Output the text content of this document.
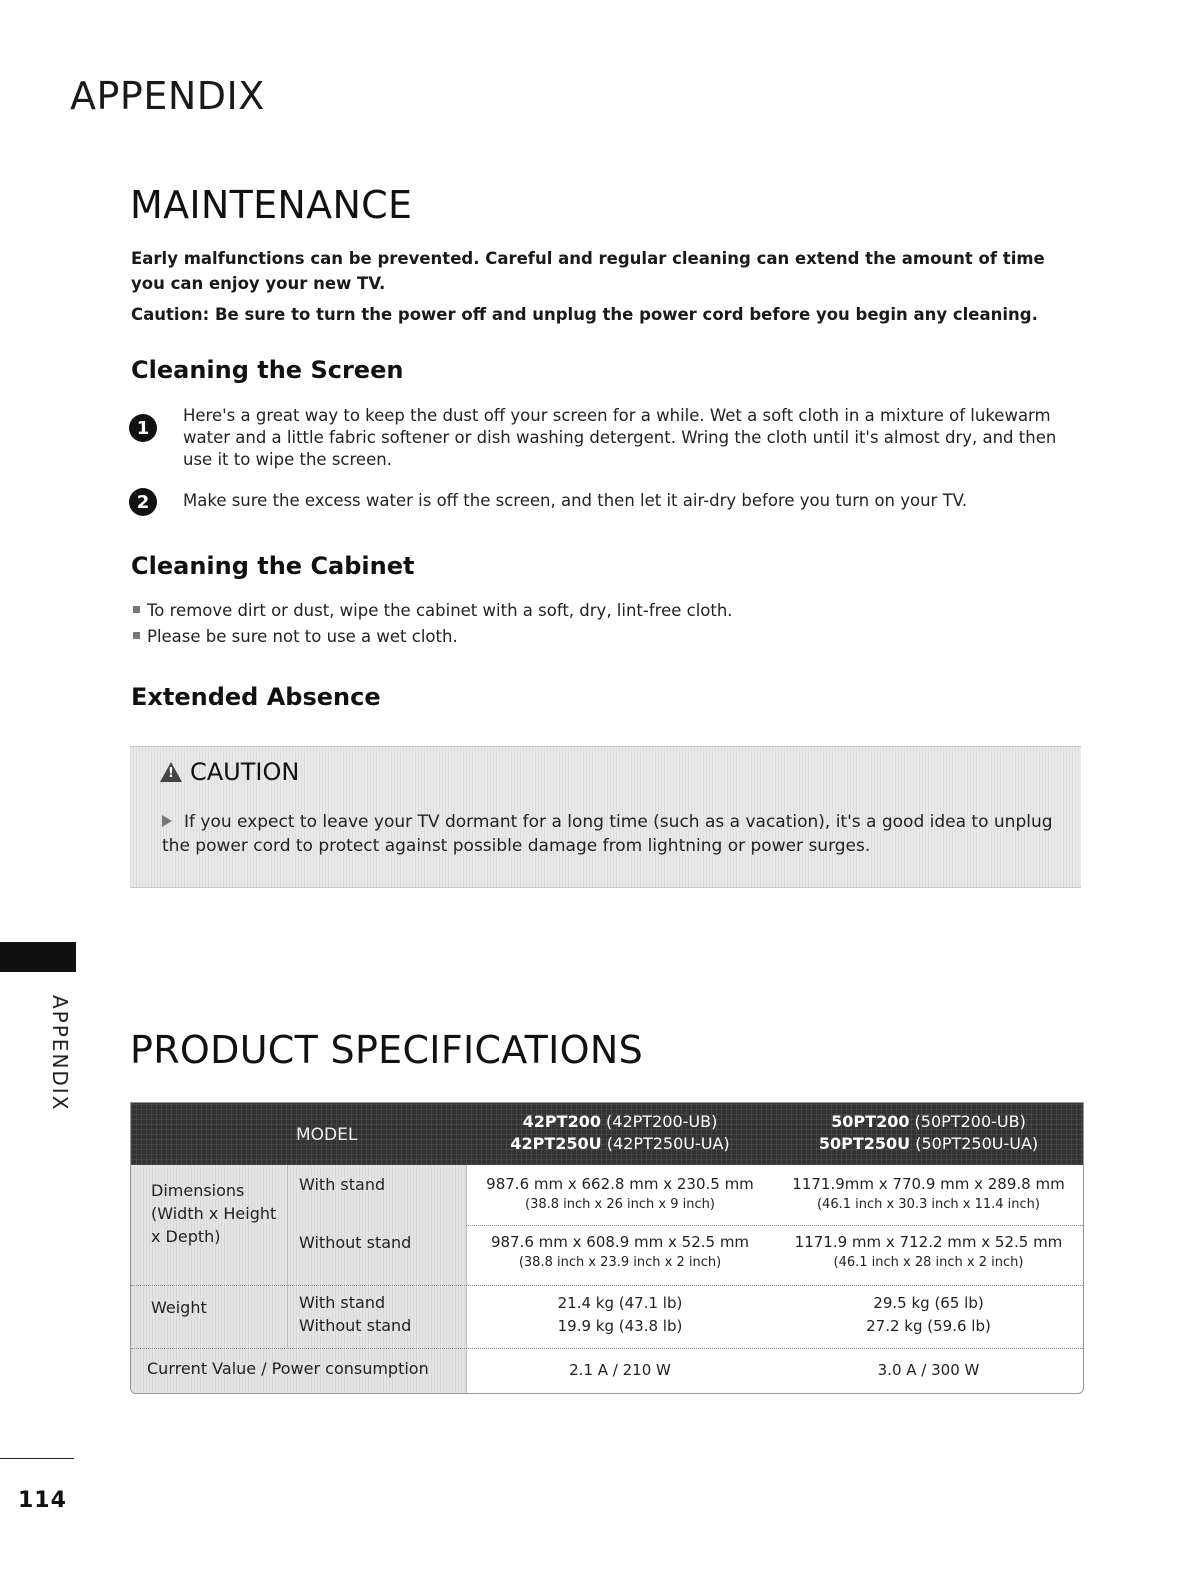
APPENDIX
MAINTENANCE
Early malfunctions can be prevented. Careful and regular cleaning can extend the amount of time you can enjoy your new TV.
Caution: Be sure to turn the power off and unplug the power cord before you begin any cleaning.
Cleaning the Screen
1
Here's a great way to keep the dust off your screen for a while. Wet a soft cloth in a mixture of lukewarm water and a little fabric softener or dish washing detergent. Wring the cloth until it's almost dry, and then use it to wipe the screen.
2	Make sure the excess water is off the screen, and then let it air-dry before you turn on your TV.
Cleaning the Cabinet
To remove dirt or dust, wipe the cabinet with a soft, dry, lint-free cloth.
Please be sure not to use a wet cloth.
Extended Absence
! CAUTION
If you expect to leave your TV dormant for a long time (such as a vacation), it's a good idea to unplug the power cord to protect against possible damage from lightning or power surges.
APPENDIX PRODUCT SPECIFICATIONS
MODEL
42PT200 (42PT200-UB)
42PT250U (42PT250U-UA)
50PT200 (50PT200-UB)
50PT250U (50PT250U-UA)
Dimensions (Width x Height x Depth)
With stand
Without stand
Weight	With stand
Without stand
Current Value / Power consumption
987.6 mm x 662.8 mm x 230.5 mm
(38.8 inch x 26 inch x 9 inch)
987.6 mm x 608.9 mm x 52.5 mm
(38.8 inch x 23.9 inch x 2 inch)
21.4 kg (47.1 lb)
19.9 kg (43.8 lb)
2.1 A / 210 W
1171.9mm x 770.9 mm x 289.8 mm
(46.1 inch x 30.3 inch x 11.4 inch)
1171.9 mm x 712.2 mm x 52.5 mm
(46.1 inch x 28 inch x 2 inch)
29.5 kg (65 lb)
27.2 kg (59.6 lb)
3.0 A / 300 W
114
